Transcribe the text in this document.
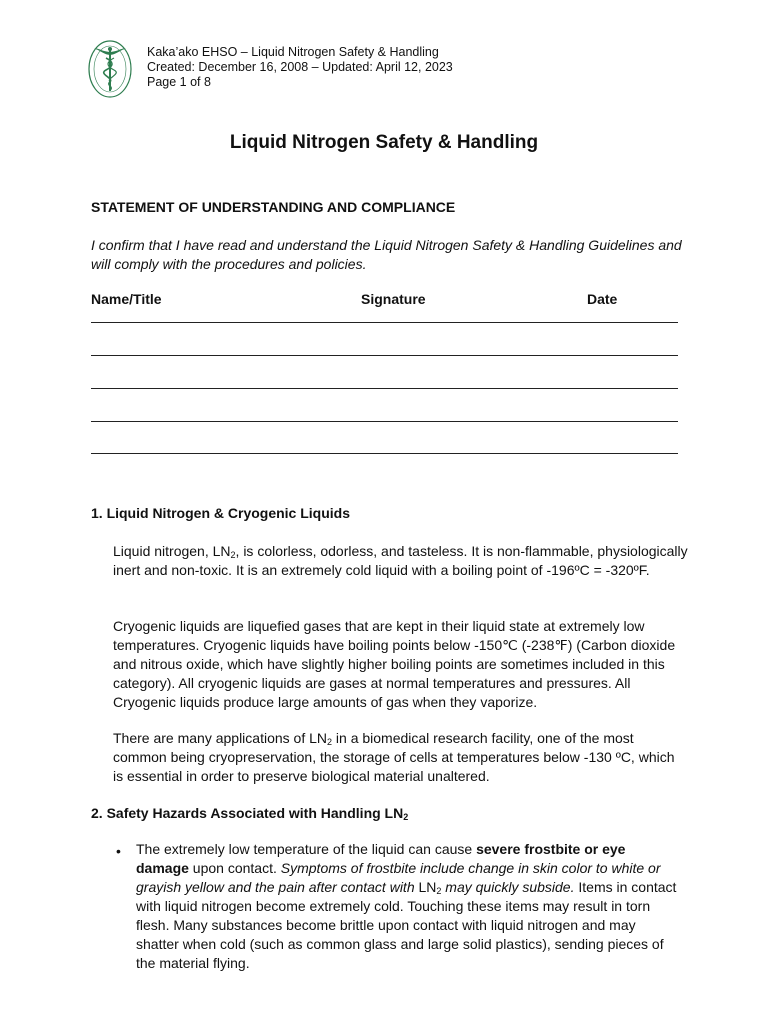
Kaka’ako EHSO – Liquid Nitrogen Safety & Handling
Created: December 16, 2008 – Updated: April 12, 2023
Page 1 of 8
Liquid Nitrogen Safety & Handling
STATEMENT OF UNDERSTANDING AND COMPLIANCE
I confirm that I have read and understand the Liquid Nitrogen Safety & Handling Guidelines and will comply with the procedures and policies.
Name/Title	Signature	Date
1. Liquid Nitrogen & Cryogenic Liquids
Liquid nitrogen, $LN_2$, is colorless, odorless, and tasteless. It is non-flammable, physiologically inert and non-toxic. It is an extremely cold liquid with a boiling point of -196ºC = -320ºF.
Cryogenic liquids are liquefied gases that are kept in their liquid state at extremely low temperatures. Cryogenic liquids have boiling points below -150℃ (-238℉) (Carbon dioxide and nitrous oxide, which have slightly higher boiling points are sometimes included in this category). All cryogenic liquids are gases at normal temperatures and pressures. All Cryogenic liquids produce large amounts of gas when they vaporize.
There are many applications of $LN_2$ in a biomedical research facility, one of the most common being cryopreservation, the storage of cells at temperatures below -130 ºC, which is essential in order to preserve biological material unaltered.
2. Safety Hazards Associated with Handling $LN_2$
• The extremely low temperature of the liquid can cause severe frostbite or eye damage upon contact. Symptoms of frostbite include change in skin color to white or grayish yellow and the pain after contact with $LN_2$ may quickly subside. Items in contact with liquid nitrogen become extremely cold. Touching these items may result in torn flesh. Many substances become brittle upon contact with liquid nitrogen and may shatter when cold (such as common glass and large solid plastics), sending pieces of the material flying.
